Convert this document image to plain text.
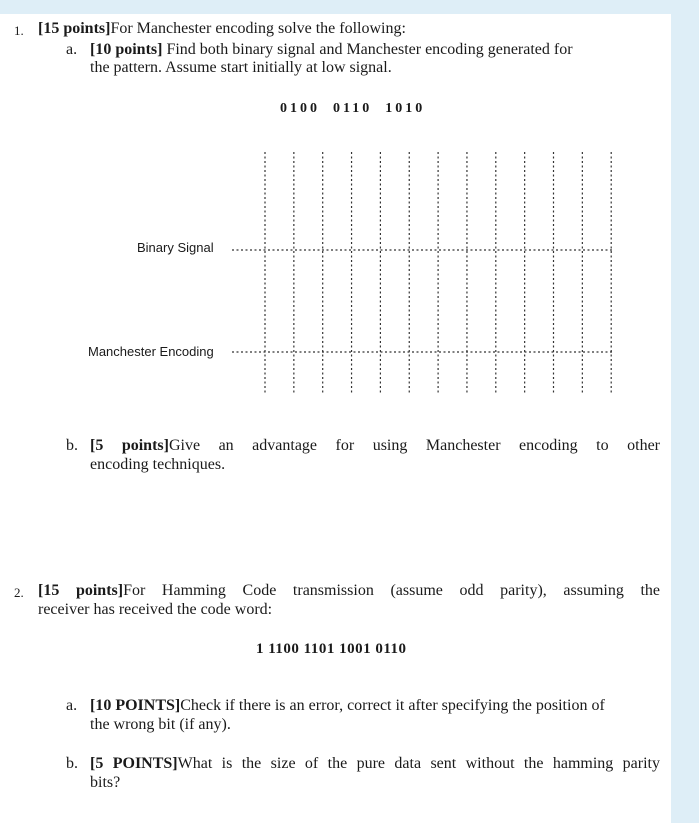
1. [15 points]For Manchester encoding solve the following:
a. [10 points] Find both binary signal and Manchester encoding generated for
the pattern. Assume start initially at low signal.
0100  0110  1010
Binary Signal
Manchester Encoding
b. [5 points]Give an advantage for using Manchester encoding to other
encoding techniques.
2. [15 points]For Hamming Code transmission (assume odd parity), assuming the
receiver has received the code word:
1 1100 1101 1001 0110
a. [10 POINTS]Check if there is an error, correct it after specifying the position of
the wrong bit (if any).
b. [5 POINTS]What is the size of the pure data sent without the hamming parity
bits?
